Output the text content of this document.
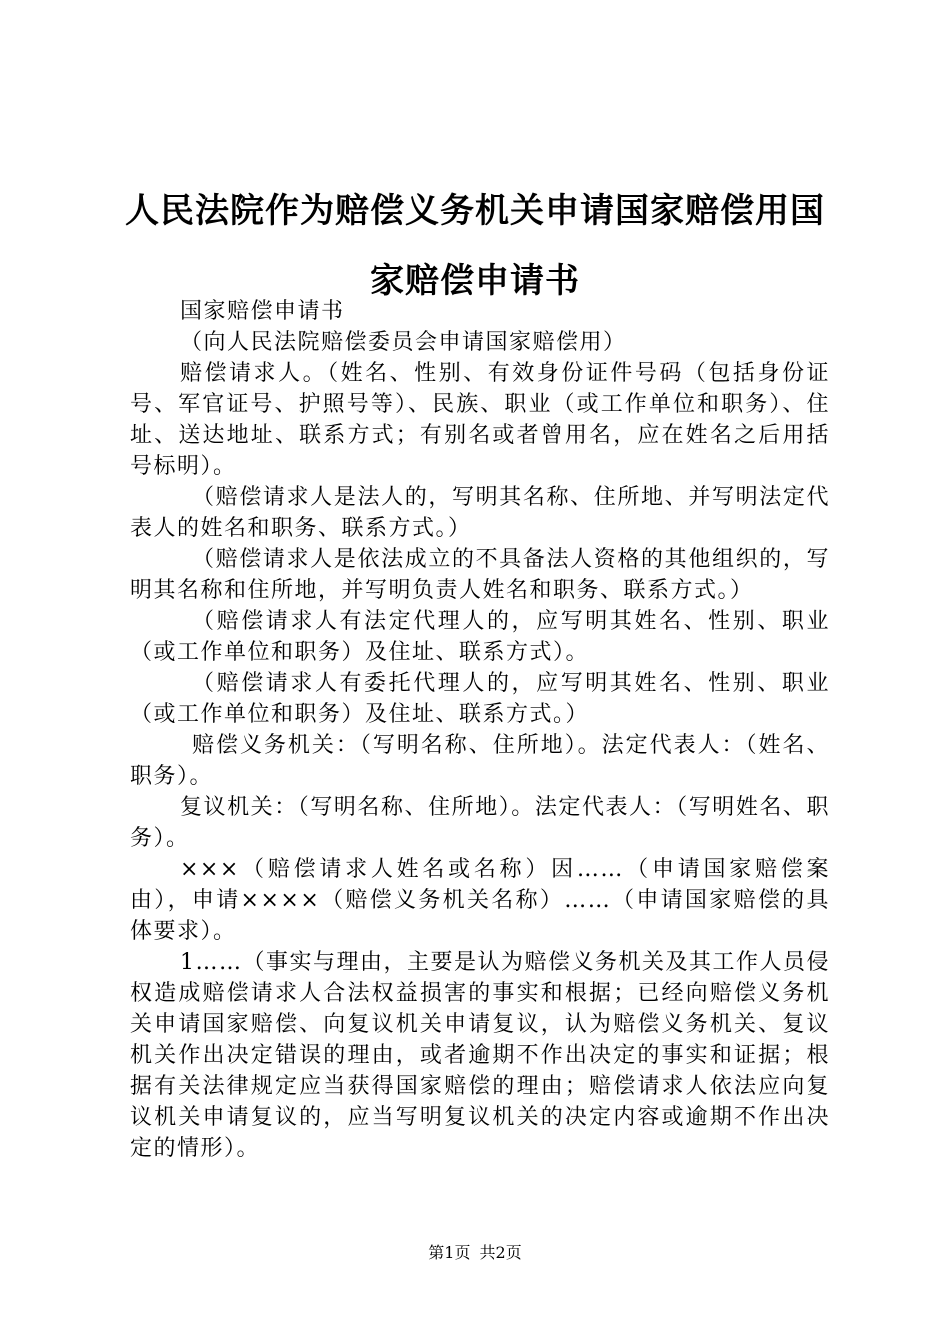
人民法院作为赔偿义务机关申请国家赔偿用国家赔偿申请书

国家赔偿申请书

（向人民法院赔偿委员会申请国家赔偿用）

赔偿请求人。（姓名、性别、有效身份证件号码（包括身份证号、军官证号、护照号等）、民族、职业（或工作单位和职务）、住址、送达地址、联系方式；有别名或者曾用名，应在姓名之后用括号标明）。

（赔偿请求人是法人的，写明其名称、住所地、并写明法定代表人的姓名和职务、联系方式。）

（赔偿请求人是依法成立的不具备法人资格的其他组织的，写明其名称和住所地，并写明负责人姓名和职务、联系方式。）

（赔偿请求人有法定代理人的，应写明其姓名、性别、职业（或工作单位和职务）及住址、联系方式）。

（赔偿请求人有委托代理人的，应写明其姓名、性别、职业（或工作单位和职务）及住址、联系方式。）

赔偿义务机关：（写明名称、住所地）。法定代表人：（姓名、职务）。

复议机关：（写明名称、住所地）。法定代表人：（写明姓名、职务）。

×××（赔偿请求人姓名或名称）因……（申请国家赔偿案由），申请××××（赔偿义务机关名称）……（申请国家赔偿的具体要求）。

1……（事实与理由，主要是认为赔偿义务机关及其工作人员侵权造成赔偿请求人合法权益损害的事实和根据；已经向赔偿义务机关申请国家赔偿、向复议机关申请复议，认为赔偿义务机关、复议机关作出决定错误的理由，或者逾期不作出决定的事实和证据；根据有关法律规定应当获得国家赔偿的理由；赔偿请求人依法应向复议机关申请复议的，应当写明复议机关的决定内容或逾期不作出决定的情形）。

第1页 共2页
